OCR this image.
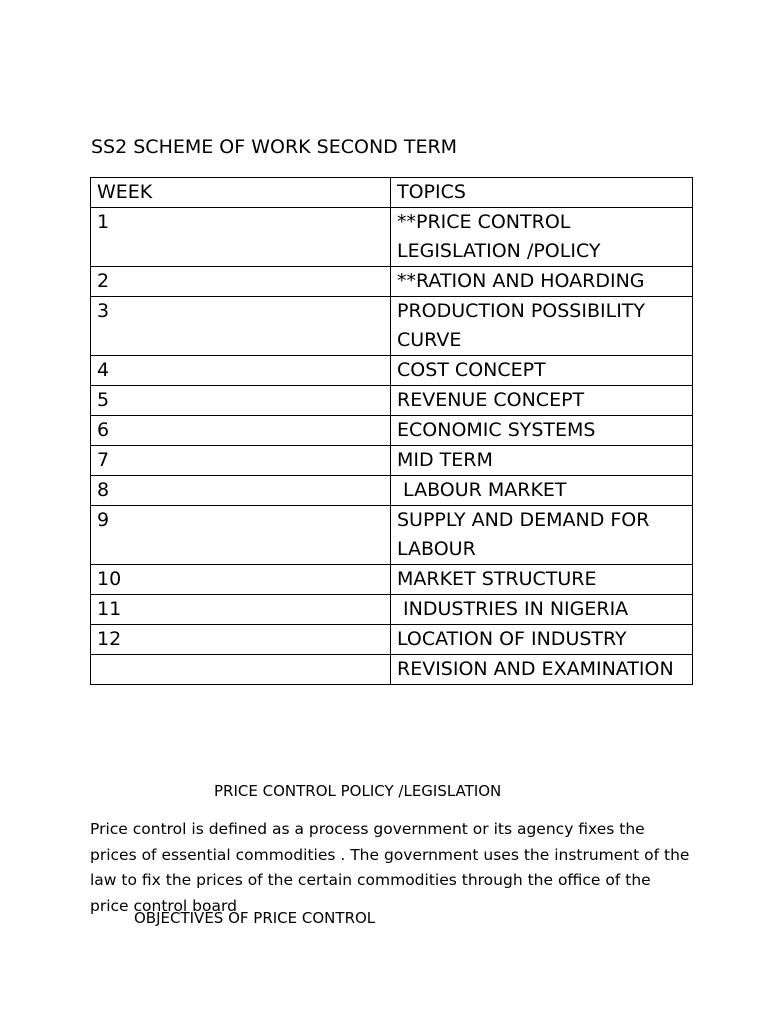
SS2 SCHEME OF WORK SECOND TERM
WEEK	TOPICS
1	**PRICE CONTROL LEGISLATION /POLICY
2	**RATION AND HOARDING
3	PRODUCTION POSSIBILITY CURVE
4	COST CONCEPT
5	REVENUE CONCEPT
6	ECONOMIC SYSTEMS
7	MID TERM
8	LABOUR MARKET
9	SUPPLY AND DEMAND FOR LABOUR
10	MARKET STRUCTURE
11	INDUSTRIES IN NIGERIA
12	LOCATION OF INDUSTRY
	REVISION AND EXAMINATION
PRICE CONTROL POLICY /LEGISLATION
Price control is defined as a process government or its agency fixes the prices of essential commodities . The government uses the instrument of the law to fix the prices of the certain commodities through the office of the price control board
OBJECTIVES OF PRICE CONTROL
